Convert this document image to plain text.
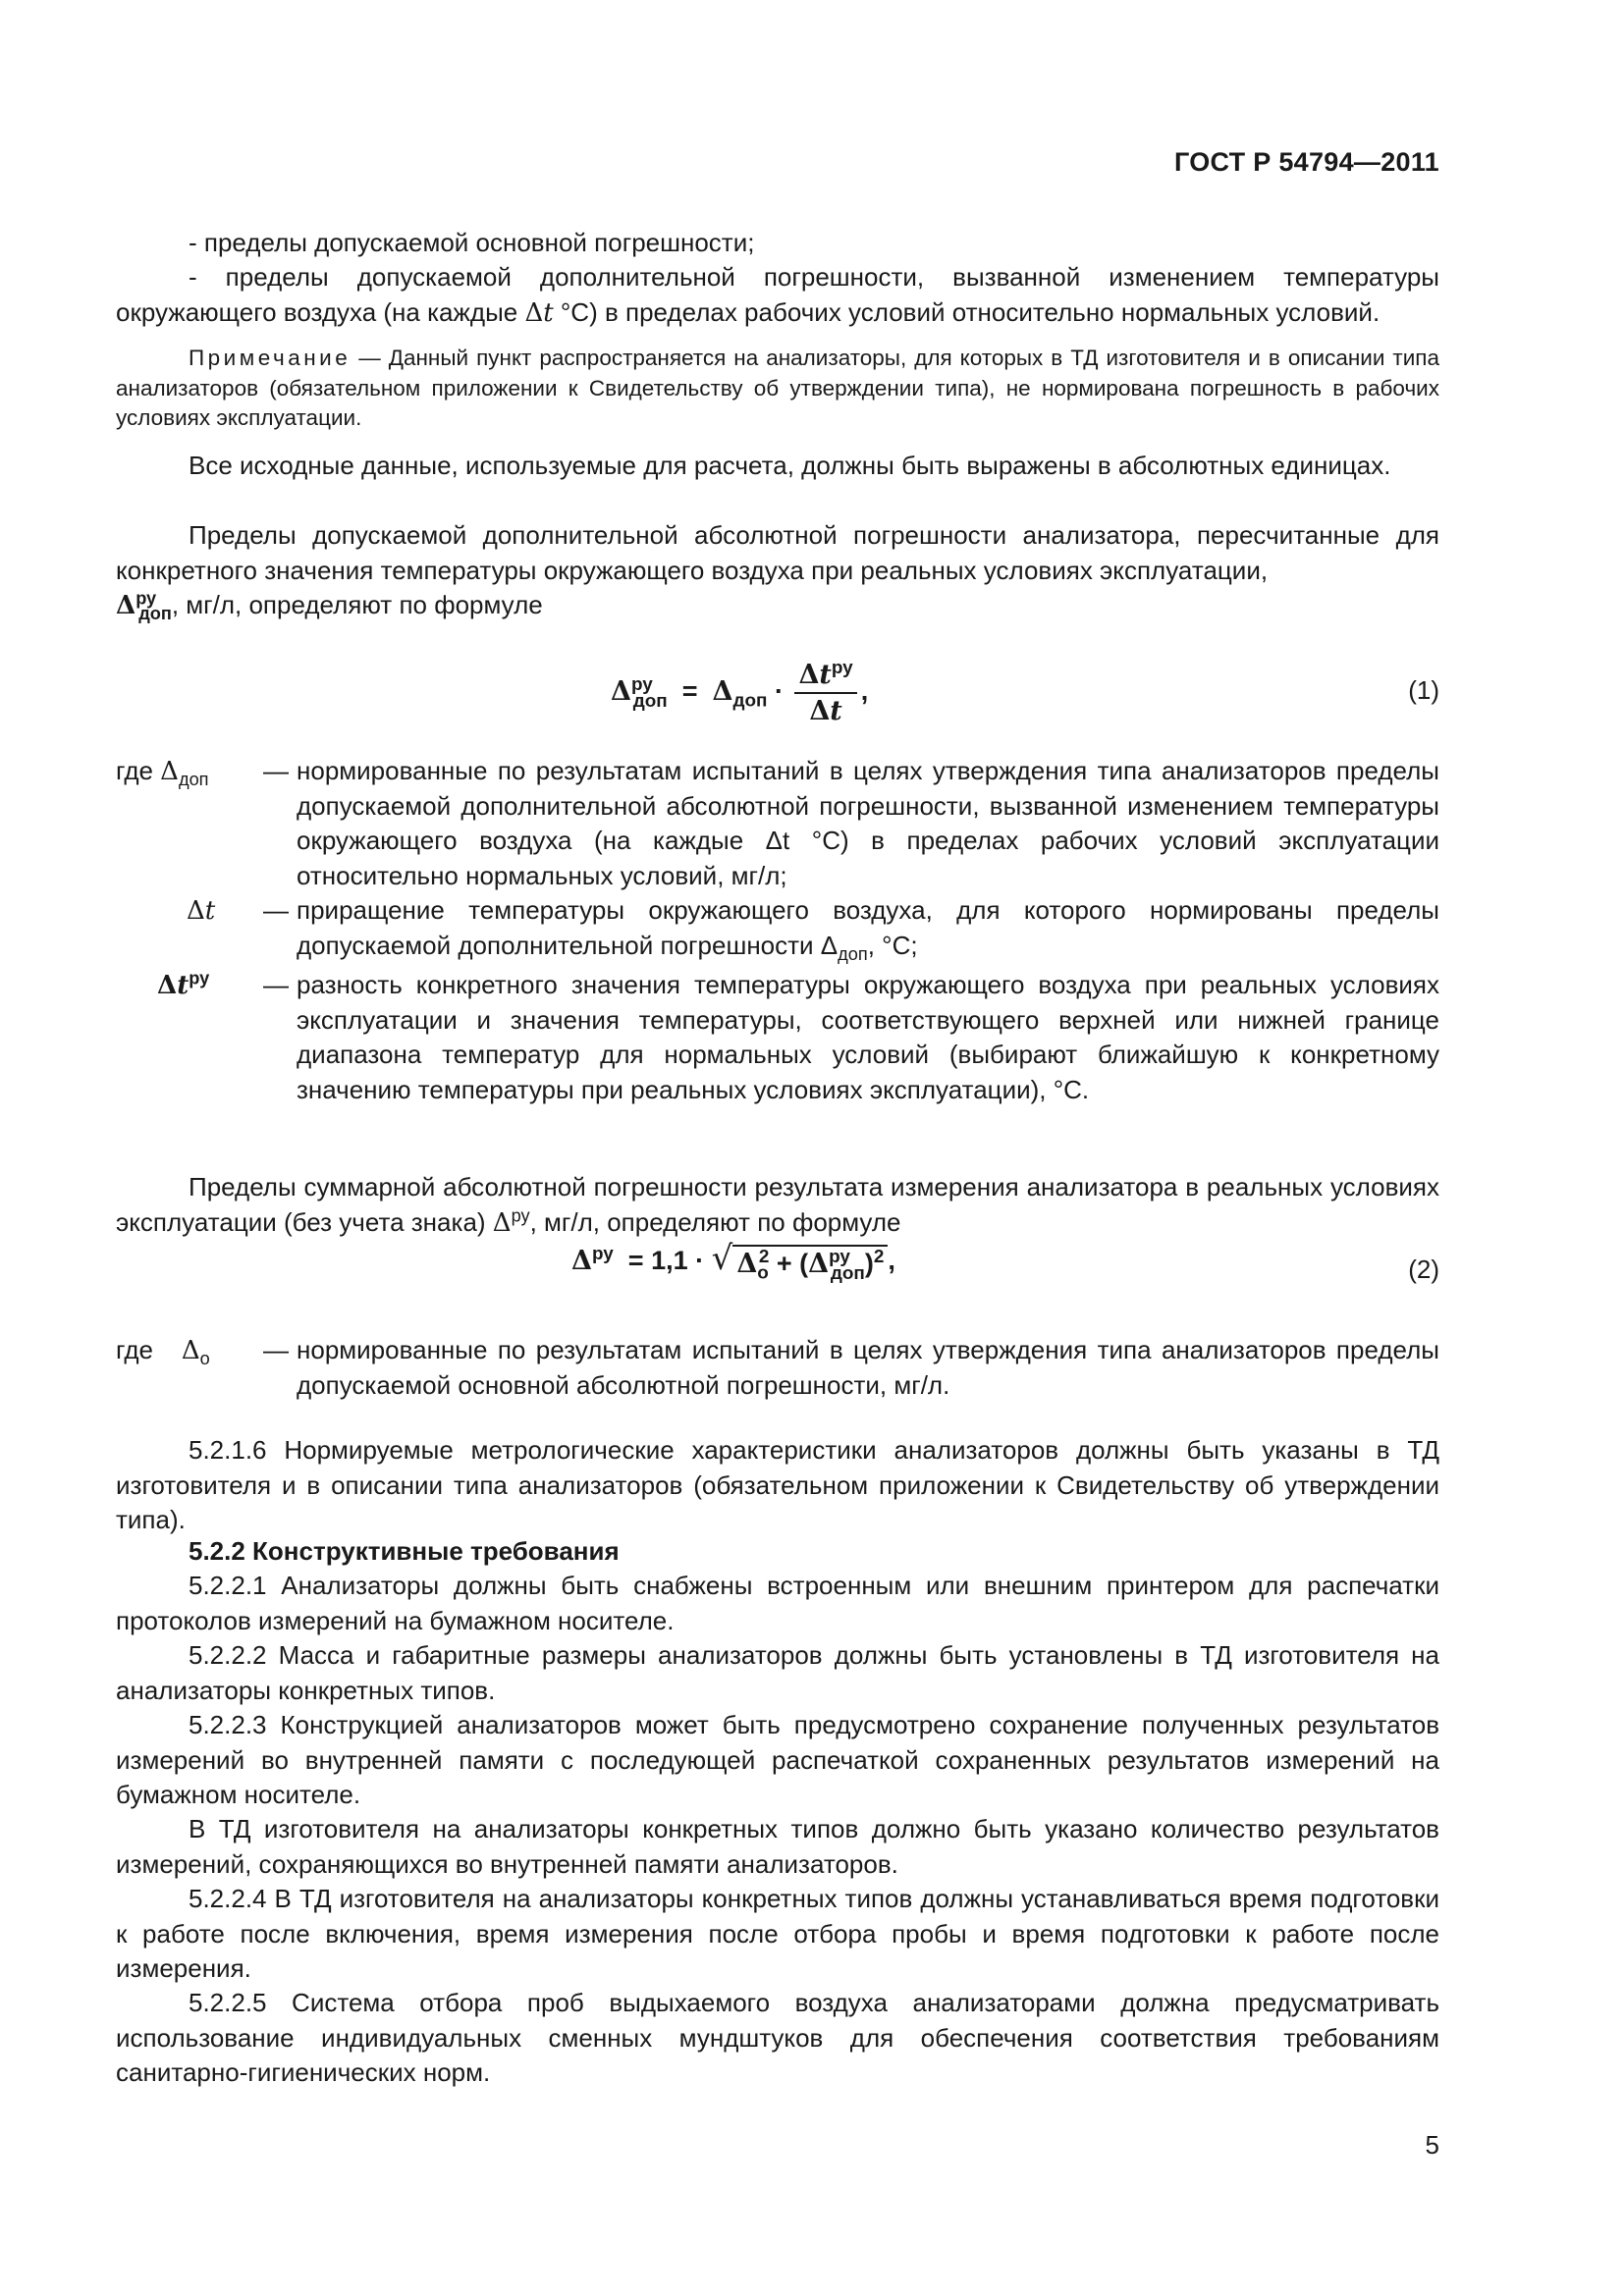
ГОСТ Р 54794—2011

- пределы допускаемой основной погрешности;

- пределы допускаемой дополнительной погрешности, вызванной изменением температуры окружающего воздуха (на каждые Δt °С) в пределах рабочих условий относительно нормальных условий.

Примечание — Данный пункт распространяется на анализаторы, для которых в ТД изготовителя и в описании типа анализаторов (обязательном приложении к Свидетельству об утверждении типа), не нормирована погрешность в рабочих условиях эксплуатации.

Все исходные данные, используемые для расчета, должны быть выражены в абсолютных единицах.

Пределы допускаемой дополнительной абсолютной погрешности анализатора, пересчитанные для конкретного значения температуры окружающего воздуха при реальных условиях эксплуатации,
$\Delta^{ру}_{доп}$, мг/л, определяют по формуле

$\Delta^{ру}_{доп} = \Delta_{доп} \cdot \frac{\Delta t^{ру}}{\Delta t}$ ,	(1)
где $\Delta_{доп}$	— нормированные по результатам испытаний в целях утверждения типа анализаторов пределы допускаемой дополнительной абсолютной погрешности, вызванной изменением температуры окружающего воздуха (на каждые Δt °С) в пределах рабочих условий эксплуатации относительно нормальных условий, мг/л;
Δt	— приращение температуры окружающего воздуха, для которого нормированы пределы допускаемой дополнительной погрешности $\Delta_{доп}$, °С;
$\Delta t^{ру}$	— разность конкретного значения температуры окружающего воздуха при реальных условиях эксплуатации и значения температуры, соответствующего верхней или нижней границе диапазона температур для нормальных условий (выбирают ближайшую к конкретному значению температуры при реальных условиях эксплуатации), °С.

Пределы суммарной абсолютной погрешности результата измерения анализатора в реальных условиях эксплуатации (без учета знака) $\Delta^{ру}$, мг/л, определяют по формуле

$\Delta^{ру} = 1,1$ · √ $\Delta_о^2 + (\Delta^{ру}_{доп})^2$ ,	(2)
где $\Delta_о$	— нормированные по результатам испытаний в целях утверждения типа анализаторов пределы допускаемой основной абсолютной погрешности, мг/л.

5.2.1.6 Нормируемые метрологические характеристики анализаторов должны быть указаны в ТД изготовителя и в описании типа анализаторов (обязательном приложении к Свидетельству об утверждении типа).

5.2.2 Конструктивные требования

5.2.2.1 Анализаторы должны быть снабжены встроенным или внешним принтером для распечатки протоколов измерений на бумажном носителе.

5.2.2.2 Масса и габаритные размеры анализаторов должны быть установлены в ТД изготовителя на анализаторы конкретных типов.

5.2.2.3 Конструкцией анализаторов может быть предусмотрено сохранение полученных результатов измерений во внутренней памяти с последующей распечаткой сохраненных результатов измерений на бумажном носителе.

В ТД изготовителя на анализаторы конкретных типов должно быть указано количество результатов измерений, сохраняющихся во внутренней памяти анализаторов.

5.2.2.4 В ТД изготовителя на анализаторы конкретных типов должны устанавливаться время подготовки к работе после включения, время измерения после отбора пробы и время подготовки к работе после измерения.

5.2.2.5 Система отбора проб выдыхаемого воздуха анализаторами должна предусматривать использование индивидуальных сменных мундштуков для обеспечения соответствия требованиям санитарно-гигиенических норм.

5
